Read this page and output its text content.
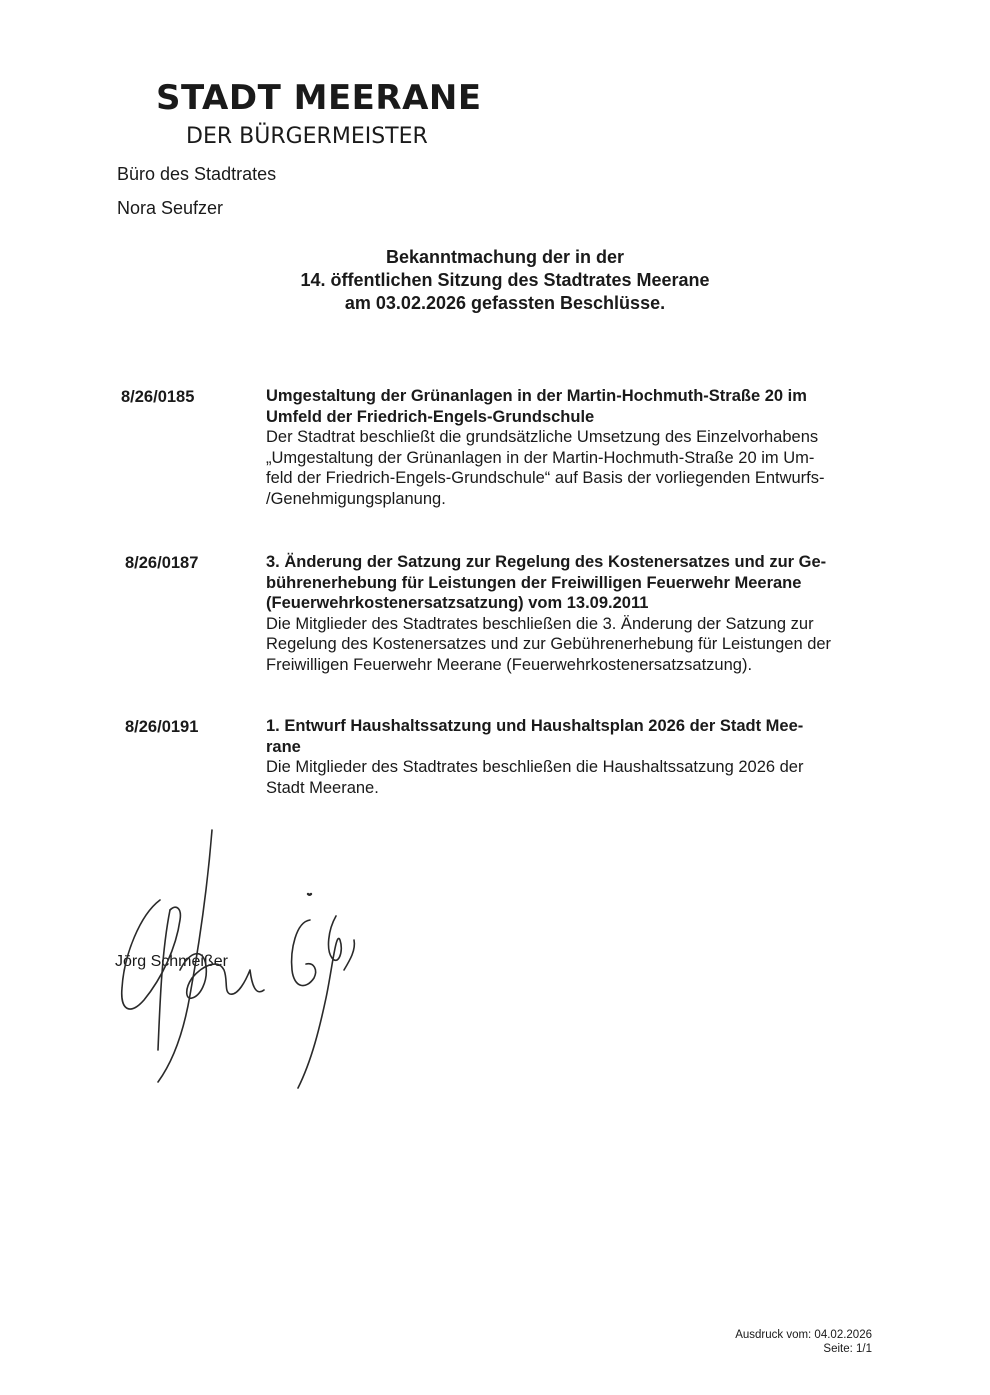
STADT MEERANE
DER BÜRGERMEISTER
Büro des Stadtrates
Nora Seufzer
Bekanntmachung der in der
14. öffentlichen Sitzung des Stadtrates Meerane
am 03.02.2026 gefassten Beschlüsse.
8/26/0185	Umgestaltung der Grünanlagen in der Martin-Hochmuth-Straße 20 im
Umfeld der Friedrich-Engels-Grundschule
Der Stadtrat beschließt die grundsätzliche Umsetzung des Einzelvorhabens
„Umgestaltung der Grünanlagen in der Martin-Hochmuth-Straße 20 im Um-
feld der Friedrich-Engels-Grundschule“ auf Basis der vorliegenden Entwurfs-
/Genehmigungsplanung.
8/26/0187	3. Änderung der Satzung zur Regelung des Kostenersatzes und zur Ge-
bührenerhebung für Leistungen der Freiwilligen Feuerwehr Meerane
(Feuerwehrkostenersatzsatzung) vom 13.09.2011
Die Mitglieder des Stadtrates beschließen die 3. Änderung der Satzung zur
Regelung des Kostenersatzes und zur Gebührenerhebung für Leistungen der
Freiwilligen Feuerwehr Meerane (Feuerwehrkostenersatzsatzung).
8/26/0191	1. Entwurf Haushaltssatzung und Haushaltsplan 2026 der Stadt Mee-
rane
Die Mitglieder des Stadtrates beschließen die Haushaltssatzung 2026 der
Stadt Meerane.
Jörg Schmeißer
Ausdruck vom: 04.02.2026
Seite: 1/1
